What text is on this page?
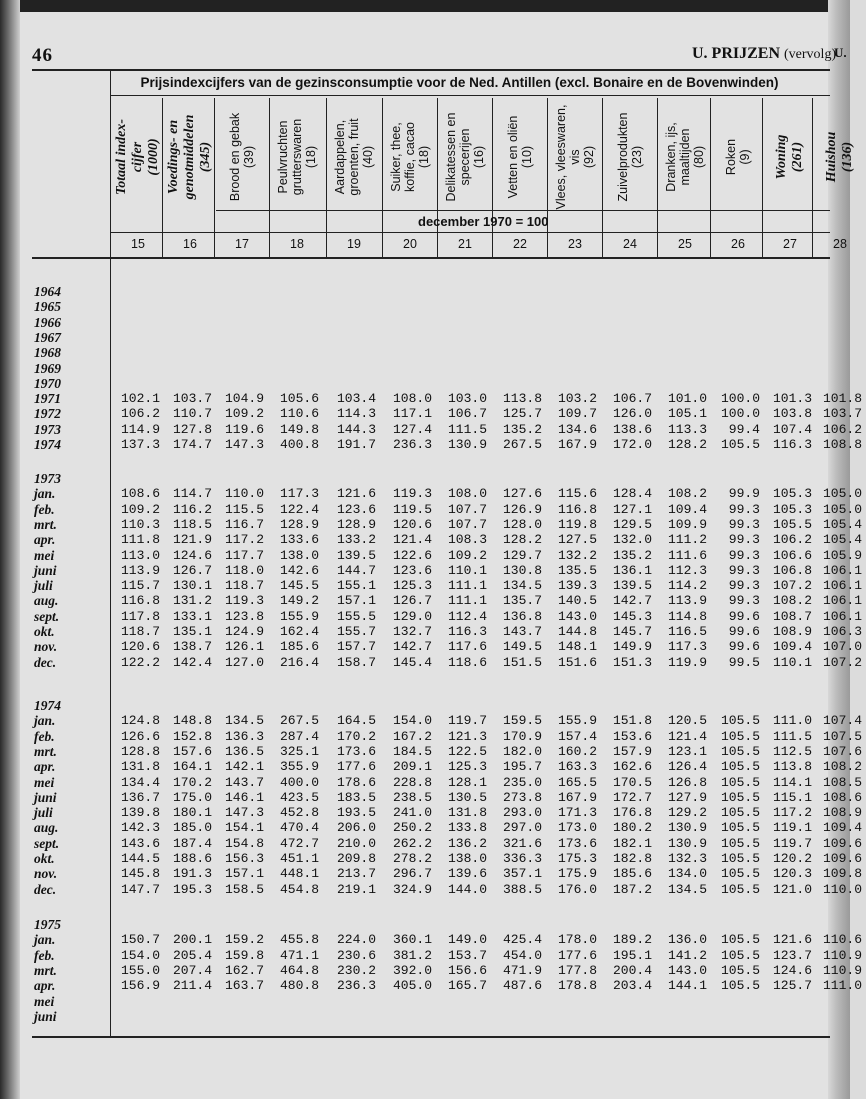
46	U. PRIJZEN (vervolg)
U.
Prijsindexcijfers van de gezinsconsumptie voor de Ned. Antillen (excl. Bonaire en de Bovenwinden)
Totaal index-
cijfer
(1000) Voedings- en
genotmiddelen
(345) Brood en gebak
(39) Peulvruchten
grutterswaren
(18) Aardappelen,
groenten, fruit
(40) Suiker, thee,
koffie, cacao
(18) Delikatessen en
specerijen
(16) Vetten en oliën
(10) Vlees, vleeswaren,
vis
(92) Zuivelprodukten
(23) Dranken, ijs,
maaltijden
(80) Roken
(9) Woning
(261) Huishou
(136)
december 1970 = 100
15	16	17	18	19	20	21	22	23	24	25	26	27	28
1964
1965
1966
1967
1968
1969
1970
1971	102.1 103.7 104.9	105.6	103.4	108.0	103.0	113.8	103.2	106.7	101.0	100.0 101.3 101.8
1972	106.2 110.7 109.2	110.6	114.3	117.1	106.7	125.7	109.7	126.0	105.1	100.0 103.8 103.7
1973	114.9 127.8 119.6	149.8	144.3	127.4	111.5	135.2	134.6	138.6	113.3	99.4 107.4 106.2
1974	137.3 174.7 147.3	400.8	191.7	236.3	130.9	267.5	167.9	172.0	128.2	105.5 116.3 108.8
1973
jan.	108.6 114.7 110.0	117.3	121.6	119.3	108.0	127.6	115.6	128.4	108.2	99.9 105.3 105.0
feb.	109.2 116.2 115.5	122.4	123.6	119.5	107.7	126.9	116.8	127.1	109.4	99.3 105.3 105.0
mrt.	110.3 118.5 116.7	128.9	128.9	120.6	107.7	128.0	119.8	129.5	109.9	99.3 105.5 105.4
apr.	111.8 121.9 117.2	133.6	133.2	121.4	108.3	128.2	127.5	132.0	111.2	99.3 106.2 105.4
mei	113.0 124.6 117.7	138.0	139.5	122.6	109.2	129.7	132.2	135.2	111.6	99.3 106.6 105.9
juni	113.9 126.7 118.0	142.6	144.7	123.6	110.1	130.8	135.5	136.1	112.3	99.3 106.8 106.1
juli	115.7 130.1 118.7	145.5	155.1	125.3	111.1	134.5	139.3	139.5	114.2	99.3 107.2 106.1
aug.	116.8 131.2 119.3	149.2	157.1	126.7	111.1	135.7	140.5	142.7	113.9	99.3 108.2 106.1
sept.	117.8 133.1 123.8	155.9	155.5	129.0	112.4	136.8	143.0	145.3	114.8	99.6 108.7 106.1
okt.	118.7 135.1 124.9	162.4	155.7	132.7	116.3	143.7	144.8	145.7	116.5	99.6 108.9 106.3
nov.	120.6 138.7 126.1	185.6	157.7	142.7	117.6	149.5	148.1	149.9	117.3	99.6 109.4 107.0
dec.	122.2 142.4 127.0	216.4	158.7	145.4	118.6	151.5	151.6	151.3	119.9	99.5 110.1 107.2
1974
jan.	124.8 148.8 134.5	267.5	164.5	154.0	119.7	159.5	155.9	151.8	120.5	105.5 111.0 107.4
feb.	126.6 152.8 136.3	287.4	170.2	167.2	121.3	170.9	157.4	153.6	121.4	105.5 111.5 107.5
mrt.	128.8 157.6 136.5	325.1	173.6	184.5	122.5	182.0	160.2	157.9	123.1	105.5 112.5 107.6
apr.	131.8 164.1 142.1	355.9	177.6	209.1	125.3	195.7	163.3	162.6	126.4	105.5 113.8 108.2
mei	134.4 170.2 143.7	400.0	178.6	228.8	128.1	235.0	165.5	170.5	126.8	105.5 114.1 108.5
juni	136.7 175.0 146.1	423.5	183.5	238.5	130.5	273.8	167.9	172.7	127.9	105.5 115.1 108.6
juli	139.8 180.1 147.3	452.8	193.5	241.0	131.8	293.0	171.3	176.8	129.2	105.5 117.2 108.9
aug.	142.3 185.0 154.1	470.4	206.0	250.2	133.8	297.0	173.0	180.2	130.9	105.5 119.1 109.4
sept.	143.6 187.4 154.8	472.7	210.0	262.2	136.2	321.6	173.6	182.1	130.9	105.5 119.7 109.6
okt.	144.5 188.6 156.3	451.1	209.8	278.2	138.0	336.3	175.3	182.8	132.3	105.5 120.2 109.6
nov.	145.8 191.3 157.1	448.1	213.7	296.7	139.6	357.1	175.9	185.6	134.0	105.5 120.3 109.8
dec.	147.7 195.3 158.5	454.8	219.1	324.9	144.0	388.5	176.0	187.2	134.5	105.5 121.0 110.0
1975
jan.	150.7 200.1 159.2	455.8	224.0	360.1	149.0	425.4	178.0	189.2	136.0	105.5 121.6 110.6
feb.	154.0 205.4 159.8	471.1	230.6	381.2	153.7	454.0	177.6	195.1	141.2	105.5 123.7 110.9
mrt.	155.0 207.4 162.7	464.8	230.2	392.0	156.6	471.9	177.8	200.4	143.0	105.5 124.6 110.9
apr.	156.9 211.4 163.7	480.8	236.3	405.0	165.7	487.6	178.8	203.4	144.1	105.5 125.7 111.0
mei
juni
